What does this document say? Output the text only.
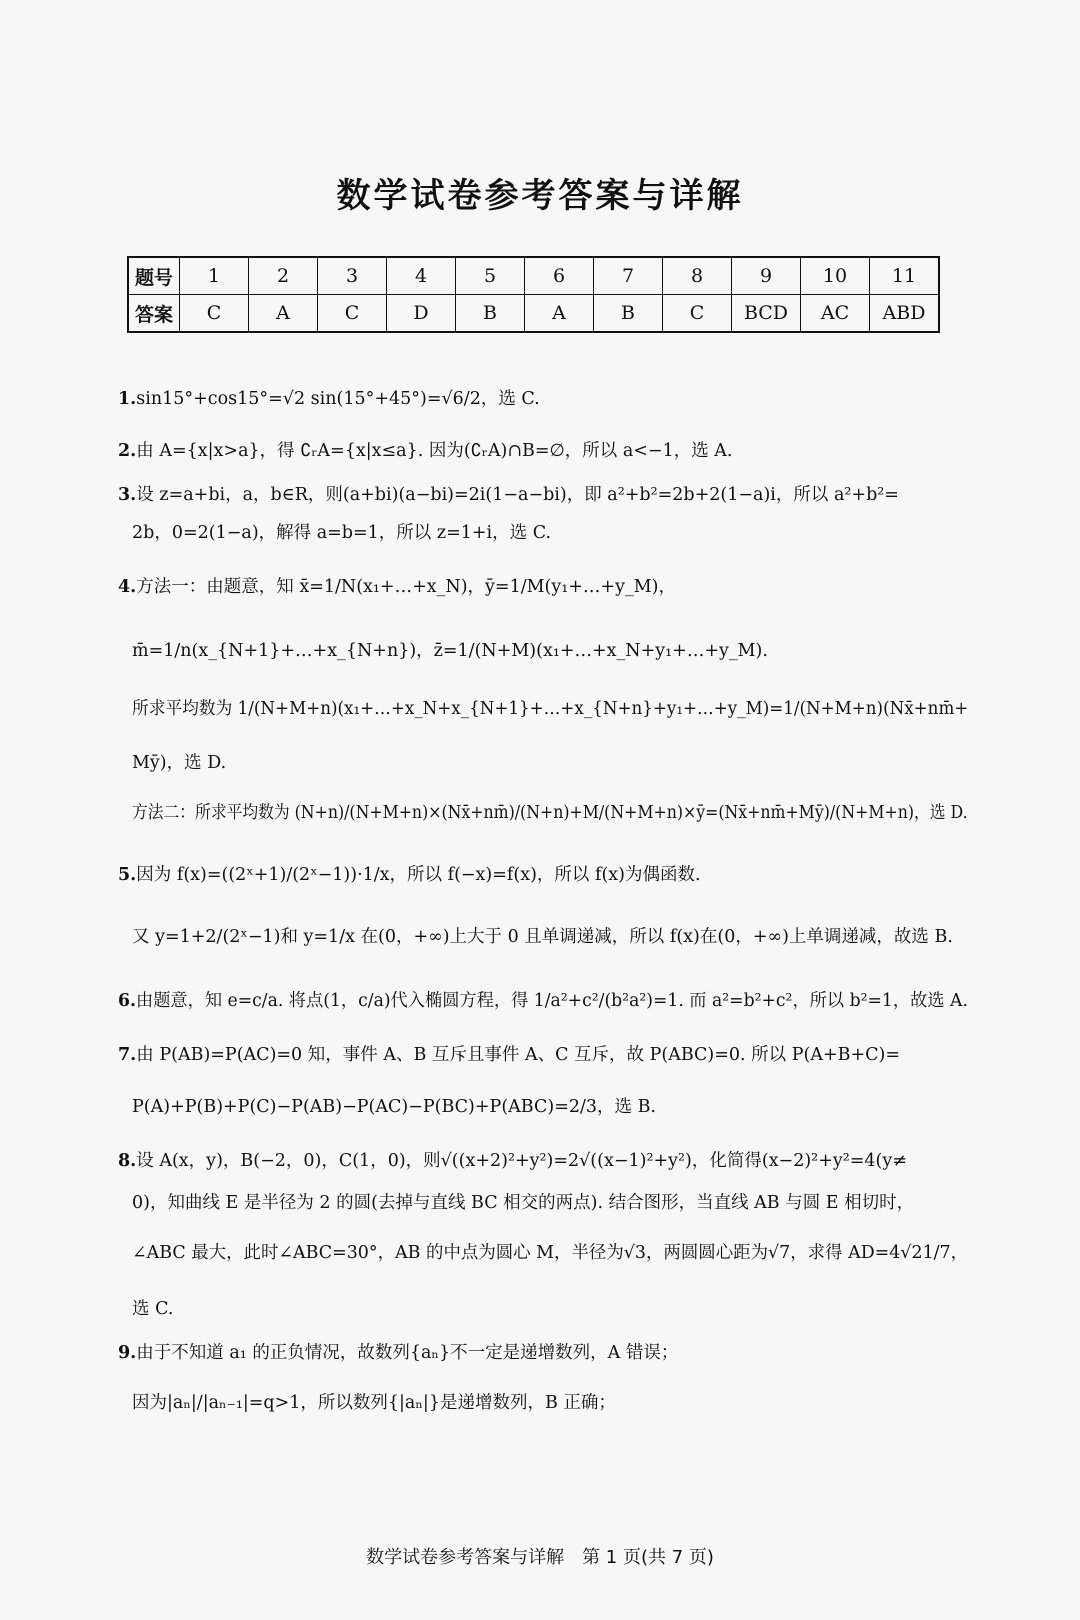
数学试卷参考答案与详解
题号	1	2	3	4	5	6	7	8	9	10	11
答案	C	A	C	D	B	A	B	C	BCD	AC	ABD
1.sin15°+cos15°=√2 sin(15°+45°)=√6/2，选 C.
2.由 A={x|x>a}，得 ∁ᵣA={x|x≤a}. 因为(∁ᵣA)∩B=∅，所以 a<−1，选 A.
3.设 z=a+bi，a，b∈R，则(a+bi)(a−bi)=2i(1−a−bi)，即 a²+b²=2b+2(1−a)i，所以 a²+b²=
2b，0=2(1−a)，解得 a=b=1，所以 z=1+i，选 C.
4.方法一：由题意，知 x̄=1/N(x₁+…+x_N)，ȳ=1/M(y₁+…+y_M)，
m̄=1/n(x_{N+1}+…+x_{N+n})，z̄=1/(N+M)(x₁+…+x_N+y₁+…+y_M).
所求平均数为 1/(N+M+n)(x₁+…+x_N+x_{N+1}+…+x_{N+n}+y₁+…+y_M)=1/(N+M+n)(Nx̄+nm̄+
Mȳ)，选 D.
方法二：所求平均数为 (N+n)/(N+M+n)×(Nx̄+nm̄)/(N+n)+M/(N+M+n)×ȳ=(Nx̄+nm̄+Mȳ)/(N+M+n)，选 D.
5.因为 f(x)=((2ˣ+1)/(2ˣ−1))·1/x，所以 f(−x)=f(x)，所以 f(x)为偶函数.
又 y=1+2/(2ˣ−1)和 y=1/x 在(0，+∞)上大于 0 且单调递减，所以 f(x)在(0，+∞)上单调递减，故选 B.
6.由题意，知 e=c/a. 将点(1，c/a)代入椭圆方程，得 1/a²+c²/(b²a²)=1. 而 a²=b²+c²，所以 b²=1，故选 A.
7.由 P(AB)=P(AC)=0 知，事件 A、B 互斥且事件 A、C 互斥，故 P(ABC)=0. 所以 P(A+B+C)=
P(A)+P(B)+P(C)−P(AB)−P(AC)−P(BC)+P(ABC)=2/3，选 B.
8.设 A(x，y)，B(−2，0)，C(1，0)，则√((x+2)²+y²)=2√((x−1)²+y²)，化简得(x−2)²+y²=4(y≠
0)，知曲线 E 是半径为 2 的圆(去掉与直线 BC 相交的两点). 结合图形，当直线 AB 与圆 E 相切时，
∠ABC 最大，此时∠ABC=30°，AB 的中点为圆心 M，半径为√3，两圆圆心距为√7，求得 AD=4√21/7，
选 C.
9.由于不知道 a₁ 的正负情况，故数列{aₙ}不一定是递增数列，A 错误；
因为|aₙ|/|aₙ₋₁|=q>1，所以数列{|aₙ|}是递增数列，B 正确；
数学试卷参考答案与详解　第 1 页(共 7 页)
